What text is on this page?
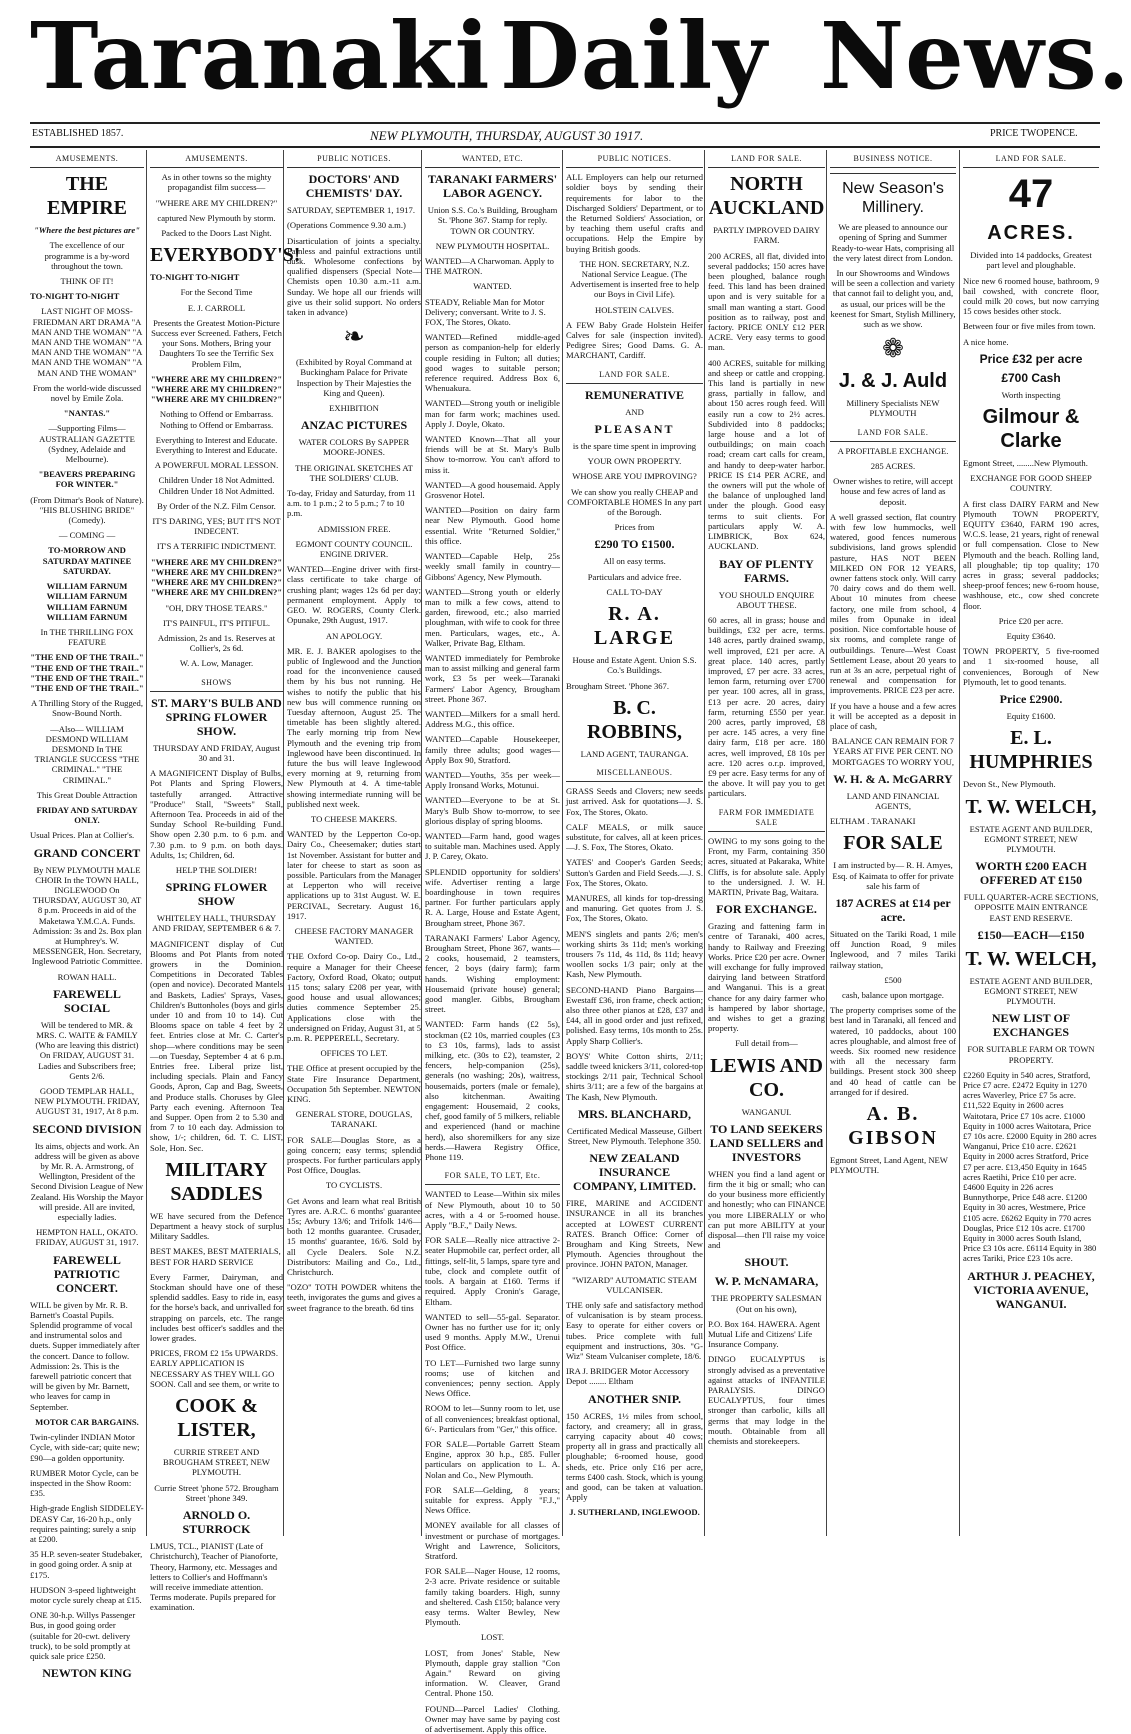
Taranaki Daily News.
ESTABLISHED 1857.	NEW PLYMOUTH, THURSDAY, AUGUST 30 1917.	PRICE TWOPENCE.
AMUSEMENTS.
THE EMPIRE
"Where the best pictures are"
The excellence of our programme is a by-word throughout the town.
THINK OF IT!
TO-NIGHT TO-NIGHT
LAST NIGHT OF MOSS-FRIEDMAN ART DRAMA "A MAN AND THE WOMAN" "A MAN AND THE WOMAN" "A MAN AND THE WOMAN" "A MAN AND THE WOMAN" "A MAN AND THE WOMAN"
From the world-wide discussed novel by Emile Zola.
"NANTAS."
—Supporting Films— AUSTRALIAN GAZETTE (Sydney, Adelaide and Melbourne).
"BEAVERS PREPARING FOR WINTER."
(From Ditmar's Book of Nature). "HIS BLUSHING BRIDE" (Comedy).
— COMING —
TO-MORROW AND SATURDAY MATINEE SATURDAY.
WILLIAM FARNUM WILLIAM FARNUM WILLIAM FARNUM WILLIAM FARNUM
In THE THRILLING FOX FEATURE
"THE END OF THE TRAIL." "THE END OF THE TRAIL." "THE END OF THE TRAIL." "THE END OF THE TRAIL."
A Thrilling Story of the Rugged, Snow-Bound North.
—Also— WILLIAM DESMOND WILLIAM DESMOND In THE TRIANGLE SUCCESS "THE CRIMINAL." "THE CRIMINAL."
This Great Double Attraction
FRIDAY AND SATURDAY ONLY.
Usual Prices. Plan at Collier's.
GRAND CONCERT
By NEW PLYMOUTH MALE CHOIR In the TOWN HALL, INGLEWOOD On THURSDAY, AUGUST 30, AT 8 p.m. Proceeds in aid of the Maketawa Y.M.C.A. Funds. Admission: 3s and 2s. Box plan at Humphrey's. W. MESSENGER, Hon. Secretary, Inglewood Patriotic Committee.
ROWAN HALL.
FAREWELL SOCIAL
Will be tendered to MR. & MRS. C. WAITE & FAMILY (Who are leaving this district) On FRIDAY, AUGUST 31. Ladies and Subscribers free; Gents 2/6.
GOOD TEMPLAR HALL, NEW PLYMOUTH. FRIDAY, AUGUST 31, 1917, At 8 p.m.
SECOND DIVISION
Its aims, objects and work. An address will be given as above by Mr. R. A. Armstrong, of Wellington, President of the Second Division League of New Zealand. His Worship the Mayor will preside. All are invited, especially ladies.
HEMPTON HALL, OKATO. FRIDAY, AUGUST 31, 1917.
FAREWELL PATRIOTIC CONCERT.
WILL be given by Mr. R. B. Barnett's Coastal Pupils. Splendid programme of vocal and instrumental solos and duets. Supper immediately after the concert. Dance to follow. Admission: 2s. This is the farewell patriotic concert that will be given by Mr. Barnett, who leaves for camp in September.
MOTOR CAR BARGAINS.
Twin-cylinder INDIAN Motor Cycle, with side-car; quite new; £90—a golden opportunity.
RUMBER Motor Cycle, can be inspected in the Show Room: £35.
High-grade English SIDDELEY-DEASY Car, 16-20 h.p., only requires painting; surely a snip at £200.
35 H.P. seven-seater Studebaker, in good going order. A snip at £175.
HUDSON 3-speed lightweight motor cycle surely cheap at £15.
ONE 30-h.p. Willys Passenger Bus, in good going order (suitable for 20-cwt. delivery truck), to be sold promptly at quick sale price £250.
NEWTON KING
AMUSEMENTS.
As in other towns so the mighty propagandist film success—
"WHERE ARE MY CHILDREN?"
captured New Plymouth by storm.
Packed to the Doors Last Night.
EVERYBODY'S!
TO-NIGHT TO-NIGHT
For the Second Time
E. J. CARROLL
Presents the Greatest Motion-Picture Success ever Screened. Fathers, Fetch your Sons. Mothers, Bring your Daughters To see the Terrific Sex Problem Film,
"WHERE ARE MY CHILDREN?" "WHERE ARE MY CHILDREN?" "WHERE ARE MY CHILDREN?"
Nothing to Offend or Embarrass. Nothing to Offend or Embarrass.
Everything to Interest and Educate. Everything to Interest and Educate.
A POWERFUL MORAL LESSON.
Children Under 18 Not Admitted. Children Under 18 Not Admitted.
By Order of the N.Z. Film Censor.
IT'S DARING, YES; BUT IT'S NOT INDECENT.
IT'S A TERRIFIC INDICTMENT.
"WHERE ARE MY CHILDREN?" "WHERE ARE MY CHILDREN?" "WHERE ARE MY CHILDREN?" "WHERE ARE MY CHILDREN?"
"OH, DRY THOSE TEARS."
IT'S PAINFUL, IT'S PITIFUL.
Admission, 2s and 1s. Reserves at Collier's, 2s 6d.
W. A. Low, Manager.
SHOWS
ST. MARY'S BULB AND SPRING FLOWER SHOW.
THURSDAY AND FRIDAY, August 30 and 31.
A MAGNIFICENT Display of Bulbs, Pot Plants and Spring Flowers, tastefully arranged. Attractive "Produce" Stall, "Sweets" Stall, Afternoon Tea. Proceeds in aid of the Sunday School Re-building Fund. Show open 2.30 p.m. to 6 p.m. and 7.30 p.m. to 9 p.m. on both days. Adults, 1s; Children, 6d.
HELP THE SOLDIER!
SPRING FLOWER SHOW
WHITELEY HALL, THURSDAY AND FRIDAY, SEPTEMBER 6 & 7.
MAGNIFICENT display of Cut Blooms and Pot Plants from noted growers in the Dominion. Competitions in Decorated Tables (open and novice). Decorated Mantels and Baskets, Ladies' Sprays, Vases, Children's Buttonholes (boys and girls under 10 and from 10 to 14). Cut Blooms space on table 4 feet by 2 feet. Entries close at Mr. C. Carter's shop—where conditions may be seen—on Tuesday, September 4 at 6 p.m. Entries free. Liberal prize list, including specials. Plain and Fancy Goods, Apron, Cap and Bag, Sweets, and Produce stalls. Choruses by Glee Party each evening. Afternoon Tea and Supper. Open from 2 to 5.30 and from 7 to 10 each day. Admission to show, 1/-; children, 6d. T. C. LIST, Sole, Hon. Sec.
MILITARY SADDLES
WE have secured from the Defence Department a heavy stock of surplus Military Saddles.
BEST MAKES, BEST MATERIALS, BEST FOR HARD SERVICE
Every Farmer, Dairyman, and Stockman should have one of these splendid saddles. Easy to ride in, easy for the horse's back, and unrivalled for strapping on parcels, etc. The range includes best officer's saddles and the lower grades.
PRICES, FROM £2 15s UPWARDS. EARLY APPLICATION IS NECESSARY AS THEY WILL GO SOON. Call and see them, or write to
COOK & LISTER,
CURRIE STREET AND BROUGHAM STREET, NEW PLYMOUTH.
Currie Street 'phone 572. Brougham Street 'phone 349.
ARNOLD O. STURROCK
LMUS, TCL., PIANIST (Late of Christchurch), Teacher of Pianoforte, Theory, Harmony, etc. Messages and letters to Collier's and Hoffmann's will receive immediate attention. Terms moderate. Pupils prepared for examination.
PUBLIC NOTICES.
DOCTORS' AND CHEMISTS' DAY.
SATURDAY, SEPTEMBER 1, 1917.
(Operations Commence 9.30 a.m.)
Disarticulation of joints a specialty. Painless and painful extractions until dusk. Wholesome confections by qualified dispensers (Special Note—Chemists open 10.30 a.m.-11 a.m. Sunday. We hope all our friends will give us their solid support. No orders taken in advance)
❧
(Exhibited by Royal Command at Buckingham Palace for Private Inspection by Their Majesties the King and Queen).
EXHIBITION
ANZAC PICTURES
WATER COLORS By SAPPER MOORE-JONES.
THE ORIGINAL SKETCHES AT THE SOLDIERS' CLUB.
To-day, Friday and Saturday, from 11 a.m. to 1 p.m.; 2 to 5 p.m.; 7 to 10 p.m.
ADMISSION FREE.
EGMONT COUNTY COUNCIL. ENGINE DRIVER.
WANTED—Engine driver with first-class certificate to take charge of crushing plant; wages 12s 6d per day; permanent employment. Apply to GEO. W. ROGERS, County Clerk. Opunake, 29th August, 1917.
AN APOLOGY.
MR. E. J. BAKER apologises to the public of Inglewood and the Junction road for the inconvenience caused them by his bus not running. He wishes to notify the public that his new bus will commence running on Tuesday afternoon, August 25. The timetable has been slightly altered. The early morning trip from New Plymouth and the evening trip from Inglewood have been discontinued. In future the bus will leave Inglewood every morning at 9, returning from New Plymouth at 4. A time-table showing intermediate running will be published next week.
TO CHEESE MAKERS.
WANTED by the Lepperton Co-op. Dairy Co., Cheesemaker; duties start 1st November. Assistant for butter and later for cheese to start as soon as possible. Particulars from the Manager at Lepperton who will receive applications up to 31st August. W. E. PERCIVAL, Secretary. August 16, 1917.
CHEESE FACTORY MANAGER WANTED.
THE Oxford Co-op. Dairy Co., Ltd., require a Manager for their Cheese Factory, Oxford Road, Okato; output 115 tons; salary £208 per year, with good house and usual allowances; duties commence September 25. Applications close with the undersigned on Friday, August 31, at 5 p.m. R. PEPPERELL, Secretary.
OFFICES TO LET.
THE Office at present occupied by the State Fire Insurance Department, Occupation 5th September. NEWTON KING.
GENERAL STORE, DOUGLAS, TARANAKI.
FOR SALE—Douglas Store, as a going concern; easy terms; splendid prospects. For further particulars apply Post Office, Douglas.
TO CYCLISTS.
Get Avons and learn what real British Tyres are. A.R.C. 6 months' guarantee 15s; Avbury 13/6; and Trifolk 14/6—both 12 months guarantee. Crusader, 15 months' guarantee, 16/6. Sold by all Cycle Dealers. Sole N.Z. Distributors: Mailing and Co., Ltd., Christchurch.
"OZO" TOTH POWDER whitens the teeth, invigorates the gums and gives a sweet fragrance to the breath. 6d tins
WANTED, ETC.
TARANAKI FARMERS' LABOR AGENCY.
Union S.S. Co.'s Building, Brougham St. 'Phone 367. Stamp for reply. TOWN OR COUNTRY.
NEW PLYMOUTH HOSPITAL.
WANTED—A Charwoman. Apply to THE MATRON.
WANTED.
STEADY, Reliable Man for Motor Delivery; conversant. Write to J. S. FOX, The Stores, Okato.
WANTED—Refined middle-aged person as companion-help for elderly couple residing in Fulton; all duties; good wages to suitable person; reference required. Address Box 6, Whenuakura.
WANTED—Strong youth or ineligible man for farm work; machines used. Apply J. Doyle, Okato.
WANTED Known—That all your friends will be at St. Mary's Bulb Show to-morrow. You can't afford to miss it.
WANTED—A good housemaid. Apply Grosvenor Hotel.
WANTED—Position on dairy farm near New Plymouth. Good home essential. Write "Returned Soldier," this office.
WANTED—Capable Help, 25s weekly small family in country—Gibbons' Agency, New Plymouth.
WANTED—Strong youth or elderly man to milk a few cows, attend to garden, firewood, etc.; also married ploughman, with wife to cook for three men. Particulars, wages, etc., A. Walker, Private Bag, Eltham.
WANTED immediately for Pembroke man to assist milking and general farm work, £3 5s per week—Taranaki Farmers' Labor Agency, Brougham street. Phone 367.
WANTED—Milkers for a small herd. Address M.G., this office.
WANTED—Capable Housekeeper, family three adults; good wages—Apply Box 90, Stratford.
WANTED—Youths, 35s per week—Apply Ironsand Works, Motunui.
WANTED—Everyone to be at St. Mary's Bulb Show to-morrow, to see glorious display of spring blooms.
WANTED—Farm hand, good wages to suitable man. Machines used. Apply J. P. Carey, Okato.
SPLENDID opportunity for soldiers' wife. Advertiser renting a large boardinghouse in town requires partner. For further particulars apply R. A. Large, House and Estate Agent, Brougham street, Phone 367.
TARANAKI Farmers' Labor Agency, Brougham Street, Phone 367, wants—2 cooks, housemaid, 2 teamsters, fencer, 2 boys (dairy farm); farm hands. Wishing employment: Housemaid (private house) general; good mangler. Gibbs, Brougham street.
WANTED: Farm hands (£2 5s), stockman (£2 10s, married couples (£3 to £3 10s, farms), lads to assist milking, etc. (30s to £2), teamster, 2 fencers, help-companion (25s), generals (no washing; 20s), waitress, housemaids, porters (male or female), also kitchenman. Awaiting engagement: Housemaid, 2 cooks, chef, good family of 5 milkers, reliable and experienced (hand or machine herd), also shoremilkers for any size herds.—Hawera Registry Office, Phone 119.
FOR SALE, TO LET, Etc.
WANTED to Lease—Within six miles of New Plymouth, about 10 to 50 acres, with a 4 or 5-roomed house. Apply "B.F.," Daily News.
FOR SALE—Really nice attractive 2-seater Hupmobile car, perfect order, all fittings, self-lit, 5 lamps, spare tyre and tube, clock and complete outfit of tools. A bargain at £160. Terms if required. Apply Cronin's Garage, Eltham.
WANTED to sell—55-gal. Separator. Owner has no further use for it; only used 9 months. Apply M.W., Urenui Post Office.
TO LET—Furnished two large sunny rooms; use of kitchen and conveniences; penny section. Apply News Office.
ROOM to let—Sunny room to let, use of all conveniences; breakfast optional, 6/-. Particulars from "Ger," this office.
FOR SALE—Portable Garrett Steam Engine, approx 30 h.p., £85. Fuller particulars on application to L. A. Nolan and Co., New Plymouth.
FOR SALE—Gelding, 8 years; suitable for express. Apply "F.J.," News Office.
MONEY available for all classes of investment or purchase of mortgages. Wright and Lawrence, Solicitors, Stratford.
FOR SALE—Nager House, 12 rooms, 2-3 acre. Private residence or suitable family taking boarders. High, sunny and sheltered. Cash £150; balance very easy terms. Walter Bewley, New Plymouth.
LOST.
LOST, from Jones' Stable, New Plymouth, dapple gray stallion "Con Again." Reward on giving information. W. Cleaver, Grand Central. Phone 150.
FOUND—Parcel Ladies' Clothing. Owner may have same by paying cost of advertisement. Apply this office.
PUBLIC NOTICES.
ALL Employers can help our returned soldier boys by sending their requirements for labor to the Discharged Soldiers' Department, or to the Returned Soldiers' Association, or by teaching them useful crafts and occupations. Help the Empire by buying British goods.
THE HON. SECRETARY, N.Z. National Service League. (The Advertisement is inserted free to help our Boys in Civil Life).
HOLSTEIN CALVES.
A FEW Baby Grade Holstein Heifer Calves for sale (inspection invited). Pedigree Sires; Good Dams. G. A. MARCHANT, Cardiff.
LAND FOR SALE.
REMUNERATIVE
AND
PLEASANT
is the spare time spent in improving
YOUR OWN PROPERTY.
WHOSE ARE YOU IMPROVING?
We can show you really CHEAP and COMFORTABLE HOMES In any part of the Borough.
Prices from
£290 TO £1500.
All on easy terms.
Particulars and advice free.
CALL TO-DAY
R. A. LARGE
House and Estate Agent. Union S.S. Co.'s Buildings.
Brougham Street. 'Phone 367.
B. C. ROBBINS,
LAND AGENT, TAURANGA.
MISCELLANEOUS.
GRASS Seeds and Clovers; new seeds just arrived. Ask for quotations—J. S. Fox, The Stores, Okato.
CALF MEALS, or milk sauce substitute, for calves, all at keen prices.—J. S. Fox, The Stores, Okato.
YATES' and Cooper's Garden Seeds; Sutton's Garden and Field Seeds.—J. S. Fox, The Stores, Okato.
MANURES, all kinds for top-dressing and manuring. Get quotes from J. S. Fox, The Stores, Okato.
MEN'S singlets and pants 2/6; men's working shirts 3s 11d; men's working trousers 7s 11d, 4s 11d, 8s 11d; heavy woollen socks 1/3 pair; only at the Kash, New Plymouth.
SECOND-HAND Piano Bargains—Ewestaff £36, iron frame, check action; also three other pianos at £28, £37 and £44, all in good order and just refixed, polished. Easy terms, 10s month to 25s. Apply Sharp Collier's.
BOYS' White Cotton shirts, 2/11; saddle tweed knickers 3/11, colored-top stockings 2/11 pair, Technical School shirts 3/11; are a few of the bargains at The Kash, New Plymouth.
MRS. BLANCHARD,
Certificated Medical Masseuse, Gilbert Street, New Plymouth. Telephone 350.
NEW ZEALAND INSURANCE COMPANY, LIMITED.
FIRE, MARINE and ACCIDENT INSURANCE in all its branches accepted at LOWEST CURRENT RATES. Branch Office: Corner of Brougham and King Streets, New Plymouth. Agencies throughout the province. JOHN PATON, Manager.
"WIZARD" AUTOMATIC STEAM VULCANISER.
THE only safe and satisfactory method of vulcanisation is by steam process. Easy to operate for either covers or tubes. Price complete with full equipment and instructions, 30s. "G-Wiz" Steam Vulcaniser complete, 18/6.
IRA J. BRIDGER Motor Accessory Depot ........ Eltham
ANOTHER SNIP.
150 ACRES, 1½ miles from school, factory, and creamery; all in grass, carrying capacity about 40 cows; property all in grass and practically all ploughable; 6-roomed house, good sheds, etc. Price only £16 per acre, terms £400 cash. Stock, which is young and good, can be taken at valuation. Apply
J. SUTHERLAND, INGLEWOOD.
LAND FOR SALE.
NORTH AUCKLAND
PARTLY IMPROVED DAIRY FARM.
200 ACRES, all flat, divided into several paddocks; 150 acres have been ploughed, balance rough feed. This land has been drained upon and is very suitable for a small man wanting a start. Good position as to railway, post and factory. PRICE ONLY £12 PER ACRE. Very easy terms to good man.
400 ACRES, suitable for milking and sheep or cattle and cropping. This land is partially in new grass, partially in fallow, and about 150 acres rough feed. Will easily run a cow to 2½ acres. Subdivided into 8 paddocks; large house and a lot of outbuildings; on main coach road; cream cart calls for cream, and handy to deep-water harbor. PRICE IS £14 PER ACRE, and the owners will put the whole of the balance of unploughed land under the plough. Good easy terms to suit clients. For particulars apply W. A. LIMBRICK, Box 624, AUCKLAND.
BAY OF PLENTY FARMS.
YOU SHOULD ENQUIRE ABOUT THESE.
60 acres, all in grass; house and buildings, £32 per acre, terms. 148 acres, partly drained swamp, well improved, £21 per acre. A great place. 140 acres, partly improved, £7 per acre. 33 acres, lemon farm, returning over £700 per year. 100 acres, all in grass, £13 per acre. 20 acres, dairy farm, returning £550 per year. 200 acres, partly improved, £8 per acre. 145 acres, a very fine dairy farm, £18 per acre. 180 acres, well improved, £8 10s per acre. 120 acres o.r.p. improved, £9 per acre. Easy terms for any of the above. It will pay you to get particulars.
FARM FOR IMMEDIATE SALE
OWING to my sons going to the Front, my Farm, containing 350 acres, situated at Pakaraka, White Cliffs, is for absolute sale. Apply to the undersigned. J. W. H. MARTIN, Private Bag, Waitara.
FOR EXCHANGE.
Grazing and fattening farm in centre of Taranaki, 400 acres, handy to Railway and Freezing Works. Price £20 per acre. Owner will exchange for fully improved dairying land between Stratford and Wanganui. This is a great chance for any dairy farmer who is hampered by labor shortage, and wishes to get a grazing property.
Full detail from—
LEWIS AND CO.
WANGANUI.
TO LAND SEEKERS LAND SELLERS and INVESTORS
WHEN you find a land agent or firm the it big or small; who can do your business more efficiently and honestly; who can FINANCE you more LIBERALLY or who can put more ABILITY at your disposal—then I'll raise my voice and
SHOUT.
W. P. McNAMARA,
THE PROPERTY SALESMAN (Out on his own),
P.O. Box 164. HAWERA. Agent Mutual Life and Citizens' Life Insurance Company.
DINGO EUCALYPTUS is strongly advised as a preventative against attacks of INFANTILE PARALYSIS. DINGO EUCALYPTUS, four times stronger than carbolic, kills all germs that may lodge in the mouth. Obtainable from all chemists and storekeepers.
BUSINESS NOTICE.
New Season's Millinery.
We are pleased to announce our opening of Spring and Summer Ready-to-wear Hats, comprising all the very latest direct from London.
In our Showrooms and Windows will be seen a collection and variety that cannot fail to delight you, and, as usual, our prices will be the keenest for Smart, Stylish Millinery, such as we show.
❁
J. & J. Auld
Millinery Specialists NEW PLYMOUTH
LAND FOR SALE.
A PROFITABLE EXCHANGE.
285 ACRES.
Owner wishes to retire, will accept house and few acres of land as deposit.
A well grassed section, flat country with few low hummocks, well watered, good fences numerous subdivisions, land grows splendid pasture, HAS NOT BEEN MILKED ON FOR 12 YEARS, owner fattens stock only. Will carry 70 dairy cows and do them well. About 10 minutes from cheese factory, one mile from school, 4 miles from Opunake in ideal position. Nice comfortable house of six rooms, and complete range of outbuildings. Tenure—West Coast Settlement Lease, about 20 years to run at 3s an acre, perpetual right of renewal and compensation for improvements. PRICE £23 per acre.
If you have a house and a few acres it will be accepted as a deposit in place of cash,
BALANCE CAN REMAIN FOR 7 YEARS AT FIVE PER CENT. NO MORTGAGES TO WORRY YOU,
W. H. & A. McGARRY
LAND AND FINANCIAL AGENTS,
ELTHAM . TARANAKI
FOR SALE
I am instructed by— R. H. Amyes, Esq. of Kaimata to offer for private sale his farm of
187 ACRES at £14 per acre.
Situated on the Tariki Road, 1 mile off Junction Road, 9 miles Inglewood, and 7 miles Tariki railway station,
£500
cash, balance upon mortgage.
The property comprises some of the best land in Taranaki, all fenced and watered, 10 paddocks, about 100 acres ploughable, and almost free of weeds. Six roomed new residence with all the necessary farm buildings. Present stock 300 sheep and 40 head of cattle can be arranged for if desired.
A. B. GIBSON
Egmont Street, Land Agent, NEW PLYMOUTH.
LAND FOR SALE.
47
ACRES.
Divided into 14 paddocks, Greatest part level and ploughable.
Nice new 6 roomed house, bathroom, 9 bail cowshed, with concrete floor, could milk 20 cows, but now carrying 15 cows besides other stock.
Between four or five miles from town.
A nice home.
Price £32 per acre
£700 Cash
Worth inspecting
Gilmour & Clarke
Egmont Street, ........New Plymouth.
EXCHANGE FOR GOOD SHEEP COUNTRY.
A first class DAIRY FARM and New Plymouth TOWN PROPERTY, EQUITY £3640, FARM 190 acres, W.C.S. lease, 21 years, right of renewal or full compensation. Close to New Plymouth and the beach. Rolling land, all ploughable; tip top quality; 170 acres in grass; several paddocks; sheep-proof fences; new 6-room house, washhouse, etc., cow shed concrete floor.
Price £20 per acre.
Equity £3640.
TOWN PROPERTY, 5 five-roomed and 1 six-roomed house, all conveniences, Borough of New Plymouth, let to good tenants.
Price £2900.
Equity £1600.
E. L. HUMPHRIES
Devon St., New Plymouth.
T. W. WELCH,
ESTATE AGENT AND BUILDER, EGMONT STREET, NEW PLYMOUTH.
WORTH £200 EACH OFFERED AT £150
FULL QUARTER-ACRE SECTIONS, OPPOSITE MAIN ENTRANCE EAST END RESERVE.
£150—EACH—£150
T. W. WELCH,
ESTATE AGENT AND BUILDER, EGMONT STREET, NEW PLYMOUTH.
NEW LIST OF EXCHANGES
FOR SUITABLE FARM OR TOWN PROPERTY.
£2260 Equity in 540 acres, Stratford, Price £7 acre. £2472 Equity in 1270 acres Waverley, Price £7 5s acre. £11,522 Equity in 2600 acres Waitotara, Price £7 10s acre. £1000 Equity in 1000 acres Waitotara, Price £7 10s acre. £2000 Equity in 280 acres Wanganui, Price £10 acre. £2621 Equity in 2000 acres Stratford, Price £7 per acre. £13,450 Equity in 1645 acres Raetihi, Price £10 per acre. £4600 Equity in 226 acres Bunnythorpe, Price £48 acre. £1200 Equity in 30 acres, Westmere, Price £105 acre. £6262 Equity in 770 acres Douglas, Price £12 10s acre. £1700 Equity in 3000 acres South Island, Price £3 10s acre. £6114 Equity in 380 acres Tariki, Price £23 10s acre.
ARTHUR J. PEACHEY, VICTORIA AVENUE, WANGANUI.
